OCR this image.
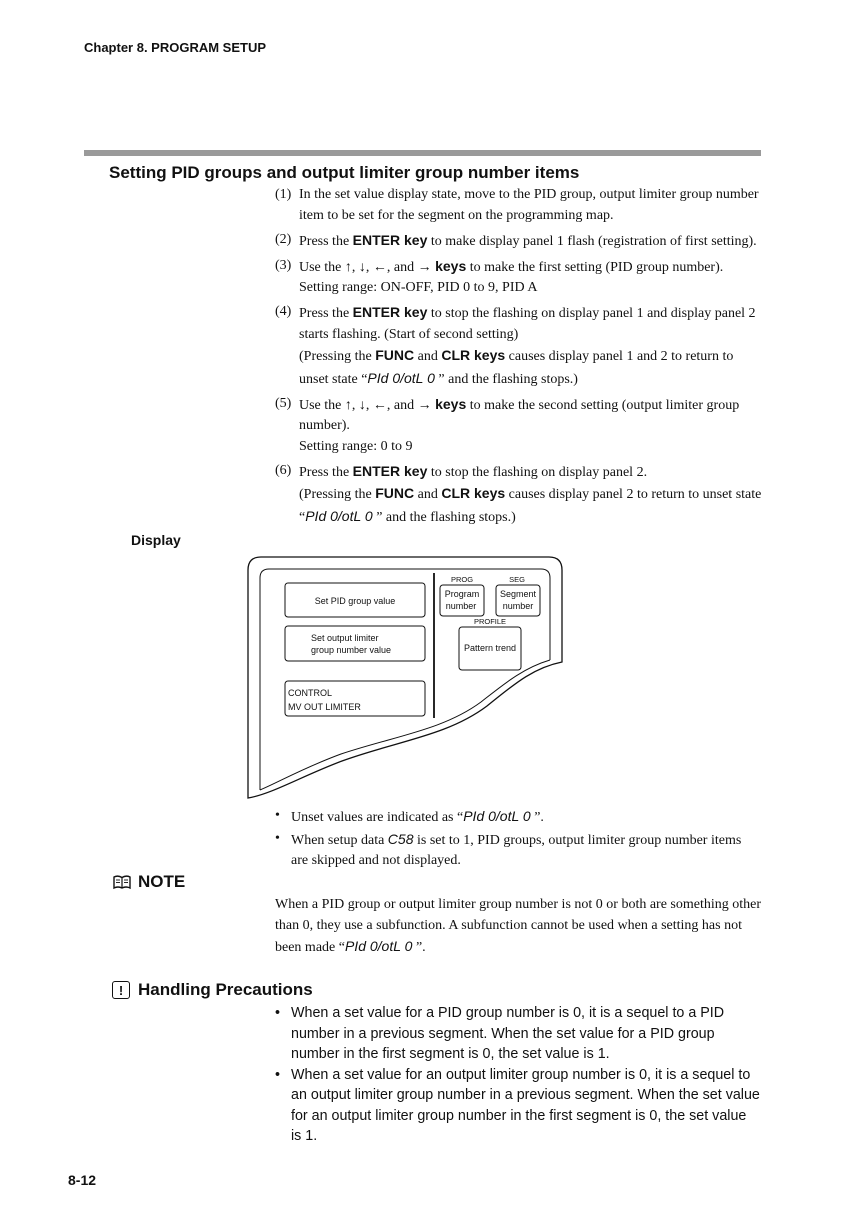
Chapter 8. PROGRAM SETUP
Setting PID groups and output limiter group number items
(1) In the set value display state, move to the PID group, output limiter group number item to be set for the segment on the programming map.
(2) Press the ENTER key to make display panel 1 flash (registration of first setting).
(3) Use the ↑, ↓, ←, and → keys to make the first setting (PID group number).
Setting range: ON-OFF, PID 0 to 9, PID A
(4) Press the ENTER key to stop the flashing on display panel 1 and display panel 2 starts flashing. (Start of second setting)
(Pressing the FUNC and CLR keys causes display panel 1 and 2 to return to unset state “PId 0/otL 0 ” and the flashing stops.)
(5) Use the ↑, ↓, ←, and → keys to make the second setting (output limiter group number).
Setting range: 0 to 9
(6) Press the ENTER key to stop the flashing on display panel 2.
(Pressing the FUNC and CLR keys causes display panel 2 to return to unset state “PId 0/otL 0 ” and the flashing stops.)
Display
Set PID group value
Set output limiter
group number value
CONTROL
MV OUT LIMITER
PROG	SEG
Program
number
Segment
number
PROFILE
Pattern trend
• Unset values are indicated as “PId 0/otL 0 ”.
• When setup data C58 is set to 1, PID groups, output limiter group number items are skipped and not displayed.
NOTE
When a PID group or output limiter group number is not 0 or both are something other than 0, they use a subfunction. A subfunction cannot be used when a setting has not been made “PId 0/otL 0 ”.
! Handling Precautions
• When a set value for a PID group number is 0, it is a sequel to a PID number in a previous segment. When the set value for a PID group number in the first segment is 0, the set value is 1.
• When a set value for an output limiter group number is 0, it is a sequel to an output limiter group number in a previous segment. When the set value for an output limiter group number in the first segment is 0, the set value is 1.
8-12
